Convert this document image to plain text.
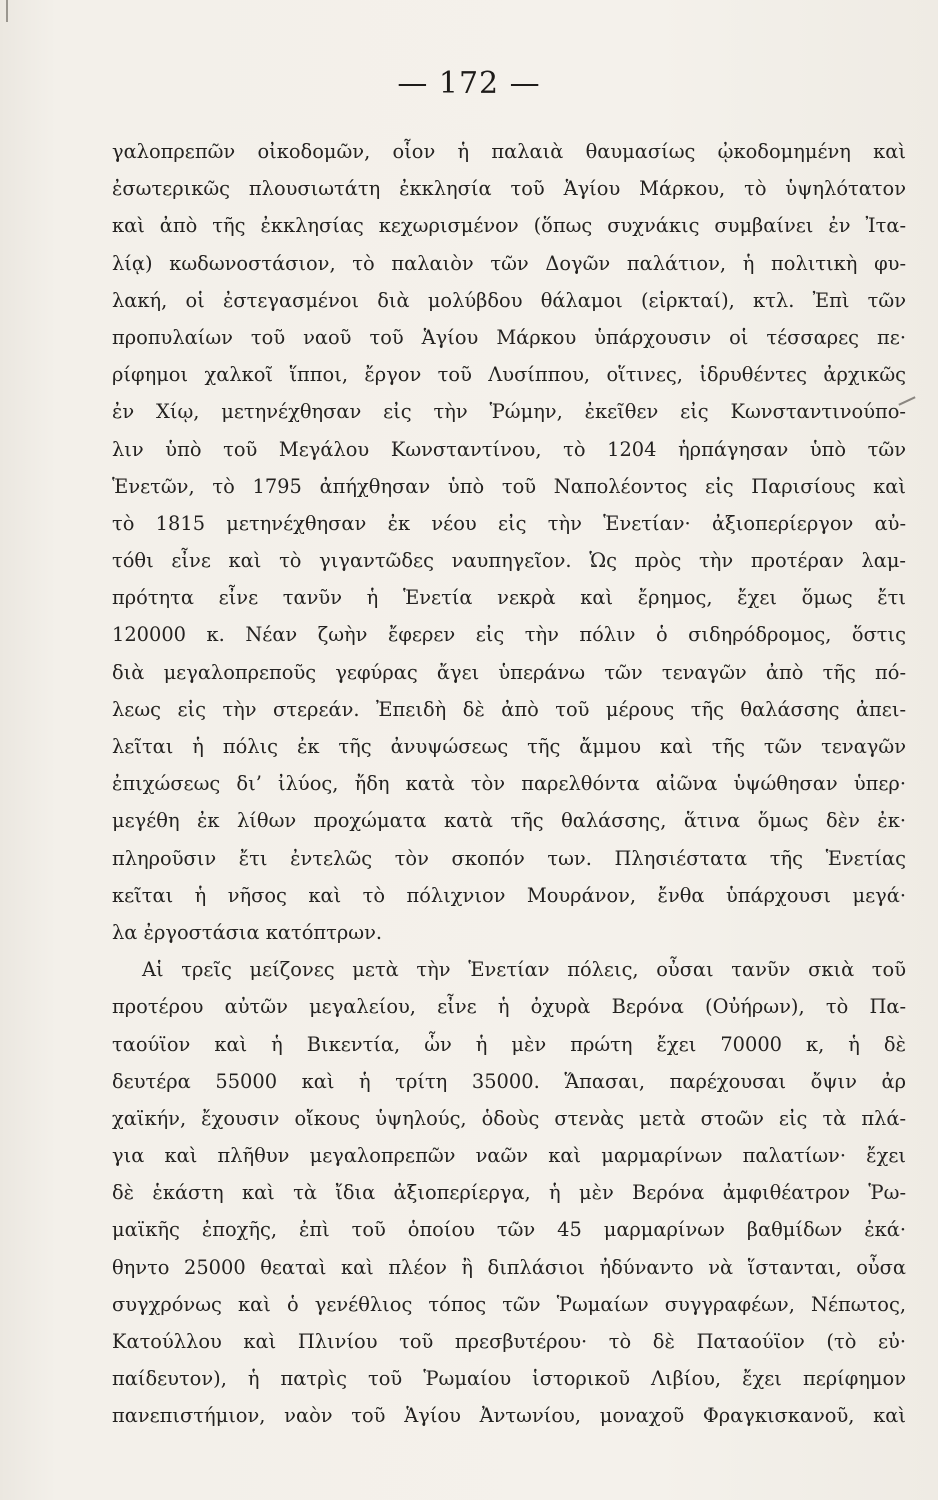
— 172 —
γαλοπρεπῶν οἰκοδομῶν, οἷον ἡ παλαιὰ θαυμασίως ᾠκοδομημένη καὶ
ἐσωτερικῶς πλουσιωτάτη ἐκκλησία τοῦ Ἁγίου Μάρκου, τὸ ὑψηλότατον
καὶ ἀπὸ τῆς ἐκκλησίας κεχωρισμένον (ὅπως συχνάκις συμβαίνει ἐν Ἰτα-
λίᾳ) κωδωνοστάσιον, τὸ παλαιὸν τῶν Δογῶν παλάτιον, ἡ πολιτικὴ φυ-
λακή, οἱ ἐστεγασμένοι διὰ μολύβδου θάλαμοι (εἱρκταί), κτλ. Ἐπὶ τῶν
προπυλαίων τοῦ ναοῦ τοῦ Ἁγίου Μάρκου ὑπάρχουσιν οἱ τέσσαρες πε·
ρίφημοι χαλκοῖ ἵπποι, ἔργον τοῦ Λυσίππου, οἵτινες, ἱδρυθέντες ἀρχικῶς
ἐν Χίῳ, μετηνέχθησαν εἰς τὴν Ῥώμην, ἐκεῖθεν εἰς Κωνσταντινούπο-
λιν ὑπὸ τοῦ Μεγάλου Κωνσταντίνου, τὸ 1204 ἡρπάγησαν ὑπὸ τῶν
Ἑνετῶν, τὸ 1795 ἀπήχθησαν ὑπὸ τοῦ Ναπολέοντος εἰς Παρισίους καὶ
τὸ 1815 μετηνέχθησαν ἐκ νέου εἰς τὴν Ἑνετίαν· ἀξιοπερίεργον αὐ-
τόθι εἶνε καὶ τὸ γιγαντῶδες ναυπηγεῖον. Ὡς πρὸς τὴν προτέραν λαμ-
πρότητα εἶνε τανῦν ἡ Ἑνετία νεκρὰ καὶ ἔρημος, ἔχει ὅμως ἔτι
120000 κ. Νέαν ζωὴν ἔφερεν εἰς τὴν πόλιν ὁ σιδηρόδρομος, ὅστις
διὰ μεγαλοπρεποῦς γεφύρας ἄγει ὑπεράνω τῶν τεναγῶν ἀπὸ τῆς πό-
λεως εἰς τὴν στερεάν. Ἐπειδὴ δὲ ἀπὸ τοῦ μέρους τῆς θαλάσσης ἀπει-
λεῖται ἡ πόλις ἐκ τῆς ἀνυψώσεως τῆς ἄμμου καὶ τῆς τῶν τεναγῶν
ἐπιχώσεως δι’ ἰλύος, ἤδη κατὰ τὸν παρελθόντα αἰῶνα ὑψώθησαν ὑπερ·
μεγέθη ἐκ λίθων προχώματα κατὰ τῆς θαλάσσης, ἅτινα ὅμως δὲν ἐκ·
πληροῦσιν ἔτι ἐντελῶς τὸν σκοπόν των. Πλησιέστατα τῆς Ἑνετίας
κεῖται ἡ νῆσος καὶ τὸ πόλιχνιον Μουράνον, ἔνθα ὑπάρχουσι μεγά·
λα ἐργοστάσια κατόπτρων.
Αἱ τρεῖς μείζονες μετὰ τὴν Ἑνετίαν πόλεις, οὖσαι τανῦν σκιὰ τοῦ
προτέρου αὐτῶν μεγαλείου, εἶνε ἡ ὀχυρὰ Βερόνα (Οὐήρων), τὸ Πα-
ταούϊον καὶ ἡ Βικεντία, ὧν ἡ μὲν πρώτη ἔχει 70000 κ, ἡ δὲ
δευτέρα 55000 καὶ ἡ τρίτη 35000. Ἅπασαι, παρέχουσαι ὄψιν ἀρ
χαϊκήν, ἔχουσιν οἴκους ὑψηλούς, ὁδοὺς στενὰς μετὰ στοῶν εἰς τὰ πλά-
για καὶ πλῆθυν μεγαλοπρεπῶν ναῶν καὶ μαρμαρίνων παλατίων· ἔχει
δὲ ἑκάστη καὶ τὰ ἴδια ἀξιοπερίεργα, ἡ μὲν Βερόνα ἀμφιθέατρον Ῥω-
μαϊκῆς ἐποχῆς, ἐπὶ τοῦ ὁποίου τῶν 45 μαρμαρίνων βαθμίδων ἐκά·
θηντο 25000 θεαταὶ καὶ πλέον ἢ διπλάσιοι ἠδύναντο νὰ ἵστανται, οὖσα
συγχρόνως καὶ ὁ γενέθλιος τόπος τῶν Ῥωμαίων συγγραφέων, Νέπωτος,
Κατούλλου καὶ Πλινίου τοῦ πρεσβυτέρου· τὸ δὲ Παταούϊον (τὸ εὐ·
παίδευτον), ἡ πατρὶς τοῦ Ῥωμαίου ἱστορικοῦ Λιβίου, ἔχει περίφημον
πανεπιστήμιον, ναὸν τοῦ Ἁγίου Ἀντωνίου, μοναχοῦ Φραγκισκανοῦ, καὶ
